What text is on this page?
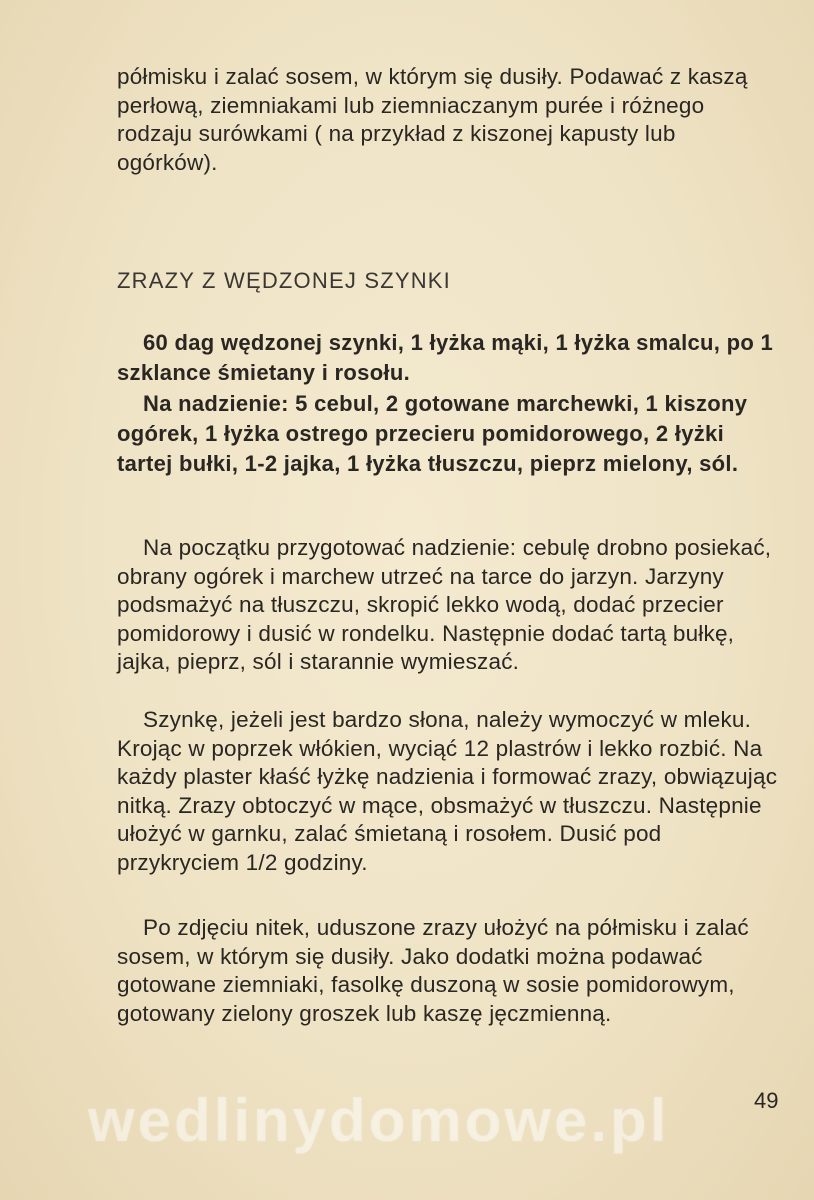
półmisku i zalać sosem, w którym się dusiły. Podawać z kaszą perłową, ziemniakami lub ziemniaczanym purée i różnego rodzaju surówkami ( na przykład z kiszonej kapusty lub ogórków).
ZRAZY Z WĘDZONEJ SZYNKI
60 dag wędzonej szynki, 1 łyżka mąki, 1 łyżka smalcu, po 1 szklance śmietany i rosołu.
Na nadzienie: 5 cebul, 2 gotowane marchewki, 1 kiszony ogórek, 1 łyżka ostrego przecieru pomidorowego, 2 łyżki tartej bułki, 1-2 jajka, 1 łyżka tłuszczu, pieprz mielony, sól.
Na początku przygotować nadzienie: cebulę drobno posiekać, obrany ogórek i marchew utrzeć na tarce do jarzyn. Jarzyny podsmażyć na tłuszczu, skropić lekko wodą, dodać przecier pomidorowy i dusić w rondelku. Następnie dodać tartą bułkę, jajka, pieprz, sól i starannie wymieszać.
Szynkę, jeżeli jest bardzo słona, należy wymoczyć w mleku. Krojąc w poprzek włókien, wyciąć 12 plastrów i lekko rozbić. Na każdy plaster kłaść łyżkę nadzienia i formować zrazy, obwiązując nitką. Zrazy obtoczyć w mące, obsmażyć w tłuszczu. Następnie ułożyć w garnku, zalać śmietaną i rosołem. Dusić pod przykryciem 1/2 godziny.
Po zdjęciu nitek, uduszone zrazy ułożyć na półmisku i zalać sosem, w którym się dusiły. Jako dodatki można podawać gotowane ziemniaki, fasolkę duszoną w sosie pomidorowym, gotowany zielony groszek lub kaszę jęczmienną.
wedlinydomowe.pl	49
